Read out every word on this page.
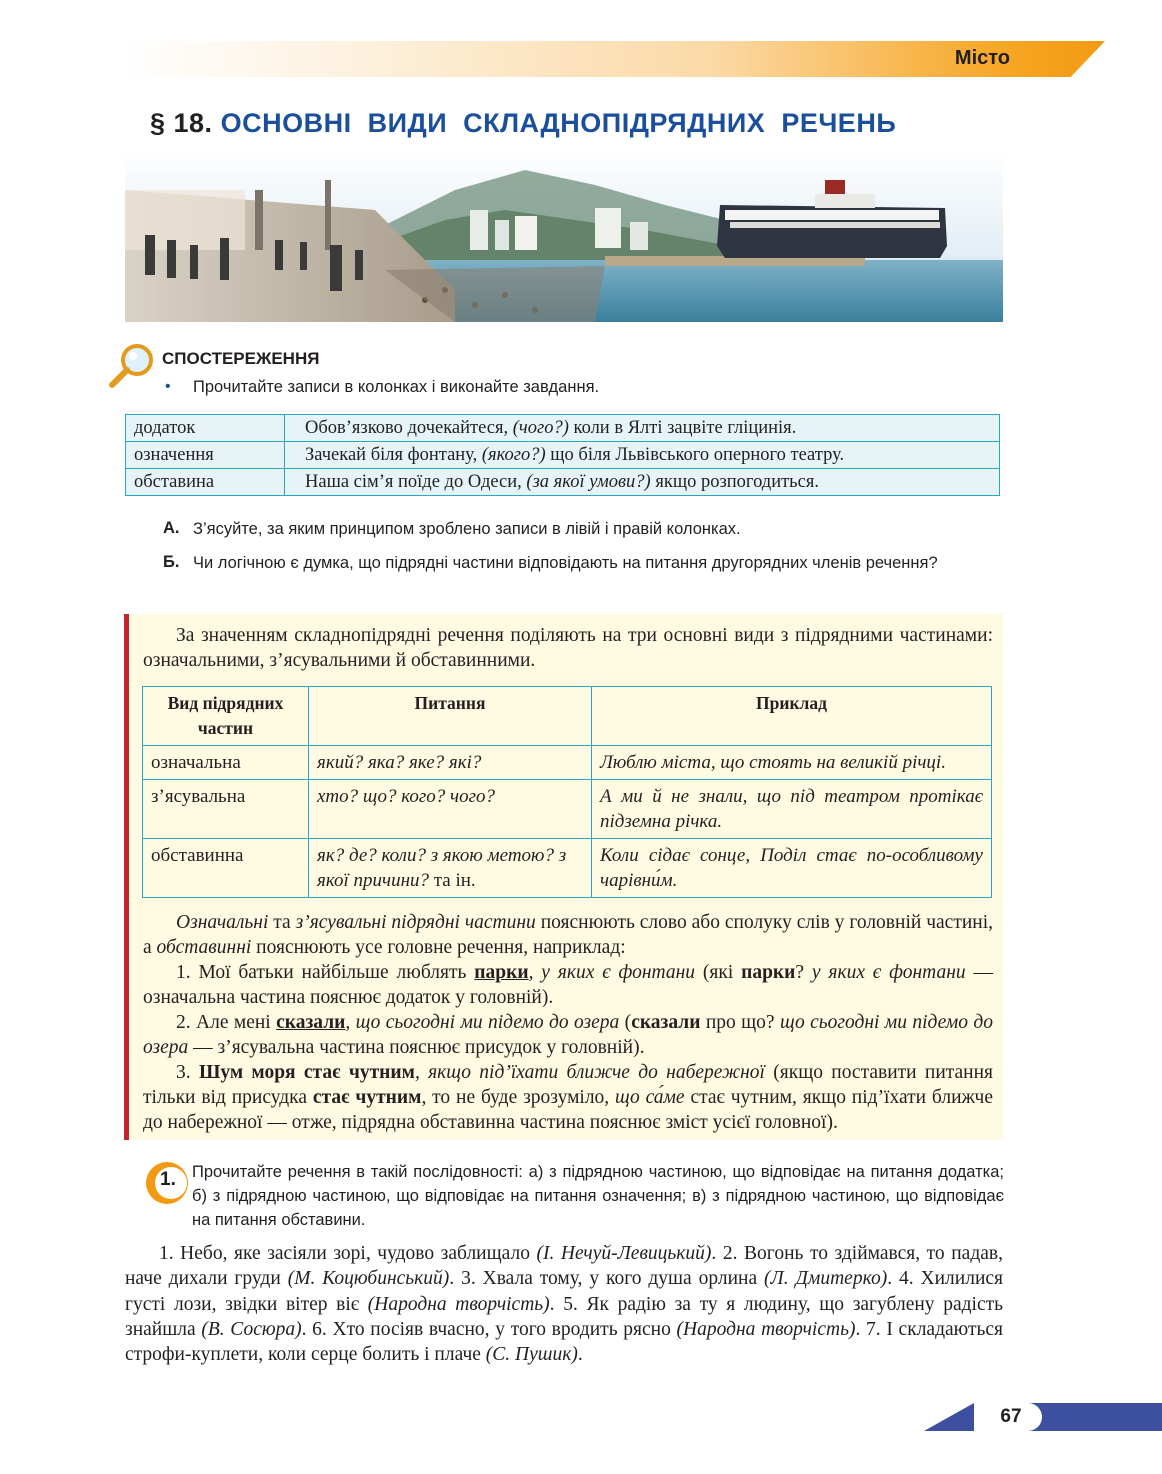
Місто
§ 18. ОСНОВНІ ВИДИ СКЛАДНОПІДРЯДНИХ РЕЧЕНЬ
СПОСТЕРЕЖЕННЯ
• Прочитайте записи в колонках і виконайте завдання.
додаток	Обов’язково дочекайтеся, (чого?) коли в Ялті зацвіте гліцинія.
означення	Зачекай біля фонтану, (якого?) що біля Львівського оперного театру.
обставина	Наша сім’я поїде до Одеси, (за якої умови?) якщо розпогодиться.
А. З’ясуйте, за яким принципом зроблено записи в лівій і правій колонках.
Б. Чи логічною є думка, що підрядні частини відповідають на питання другорядних членів речення?
За значенням складнопідрядні речення поділяють на три основні види з підрядними частинами: означальними, з’ясувальними й обставинними.
Вид підрядних частин	Питання	Приклад
означальна	який? яка? яке? які?	Люблю міста, що стоять на великій річці.
з’ясувальна	хто? що? кого? чого?	А ми й не знали, що під театром протікає підземна річка.
обставинна	як? де? коли? з якою метою? з якої причини? та ін.	Коли сідає сонце, Поділ стає по-особливому чарівни́м.
Означальні та з’ясувальні підрядні частини пояснюють слово або сполуку слів у головній частині, а обставинні пояснюють усе головне речення, наприклад:
1. Мої батьки найбільше люблять парки, у яких є фонтани (які парки? у яких є фонтани — означальна частина пояснює додаток у головній).
2. Але мені сказали, що сьогодні ми підемо до озера (сказали про що? що сьогодні ми підемо до озера — з’ясувальна частина пояснює присудок у головній).
3. Шум моря стає чутним, якщо під’їхати ближче до набережної (якщо поставити питання тільки від присудка стає чутним, то не буде зрозуміло, що са́ме стає чутним, якщо під’їхати ближче до набережної — отже, підрядна обставинна частина пояснює зміст усієї головної).
1. Прочитайте речення в такій послідовності: а) з підрядною частиною, що відповідає на питання додатка; б) з підрядною частиною, що відповідає на питання означення; в) з підрядною частиною, що відповідає на питання обставини.
1. Небо, яке засіяли зорі, чудово заблищало (І. Нечуй-Левицький). 2. Вогонь то здіймався, то падав, наче дихали груди (М. Коцюбинський). 3. Хвала тому, у кого душа орлина (Л. Дмитерко). 4. Хилилися густі лози, звідки вітер віє (Народна творчість). 5. Як радію за ту я людину, що загублену радість знайшла (В. Сосюра). 6. Хто посіяв вчасно, у того вродить рясно (Народна творчість). 7. І складаються строфи-куплети, коли серце болить і плаче (С. Пушик).
67
